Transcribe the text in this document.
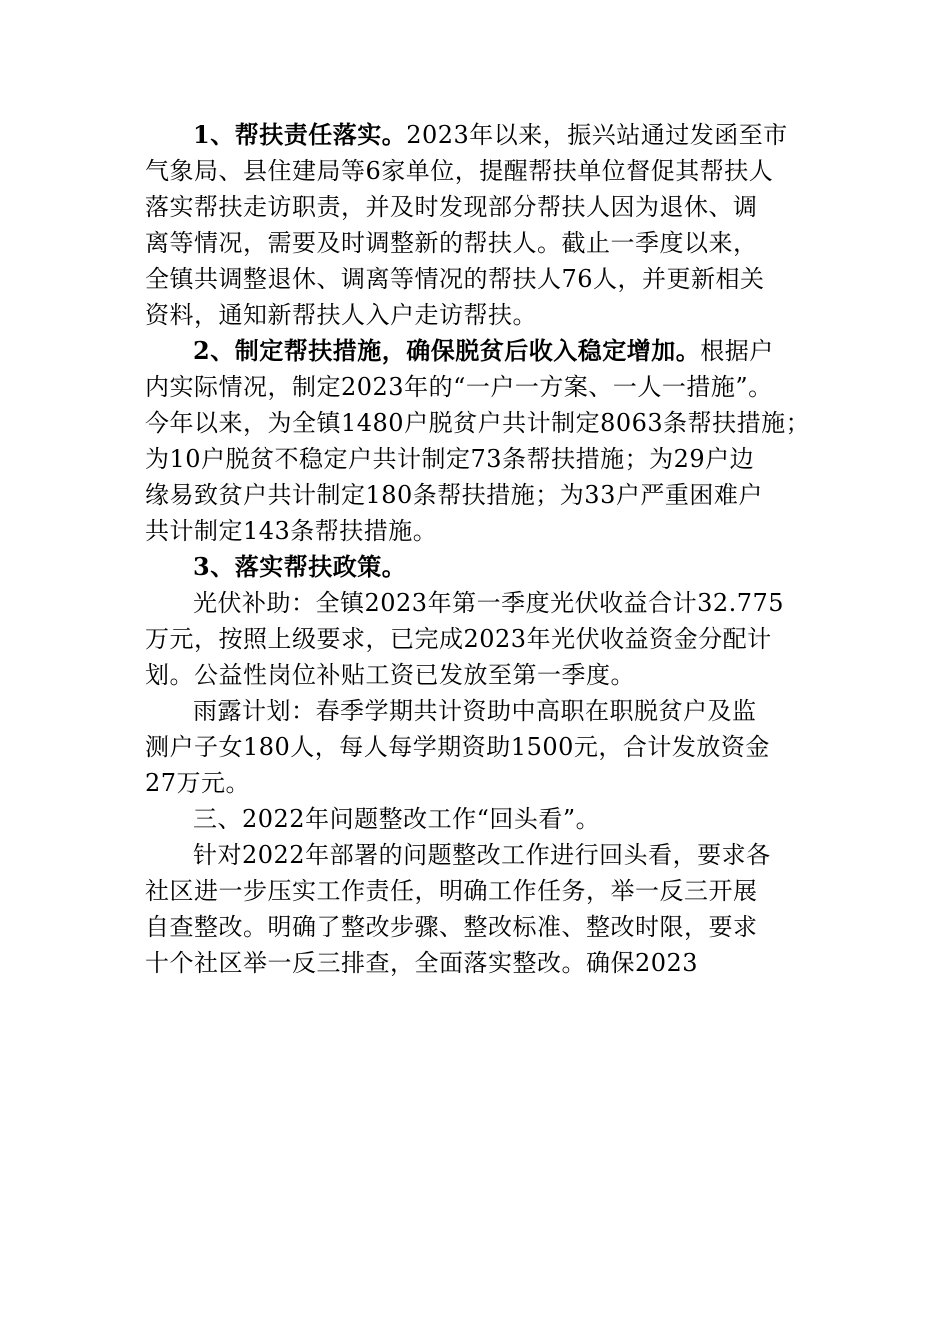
1、帮扶责任落实。2023年以来，振兴站通过发函至市
气象局、县住建局等6家单位，提醒帮扶单位督促其帮扶人
落实帮扶走访职责，并及时发现部分帮扶人因为退休、调
离等情况，需要及时调整新的帮扶人。截止一季度以来，
全镇共调整退休、调离等情况的帮扶人76人，并更新相关
资料，通知新帮扶人入户走访帮扶。
2、制定帮扶措施，确保脱贫后收入稳定增加。根据户
内实际情况，制定2023年的“一户一方案、一人一措施”。
今年以来，为全镇1480户脱贫户共计制定8063条帮扶措施；
为10户脱贫不稳定户共计制定73条帮扶措施；为29户边
缘易致贫户共计制定180条帮扶措施；为33户严重困难户
共计制定143条帮扶措施。
3、落实帮扶政策。
光伏补助：全镇2023年第一季度光伏收益合计32.775
万元，按照上级要求，已完成2023年光伏收益资金分配计
划。公益性岗位补贴工资已发放至第一季度。
雨露计划：春季学期共计资助中高职在职脱贫户及监
测户子女180人，每人每学期资助1500元，合计发放资金
27万元。
三、2022年问题整改工作“回头看”。
针对2022年部署的问题整改工作进行回头看，要求各
社区进一步压实工作责任，明确工作任务，举一反三开展
自查整改。明确了整改步骤、整改标准、整改时限，要求
十个社区举一反三排查，全面落实整改。确保2023
